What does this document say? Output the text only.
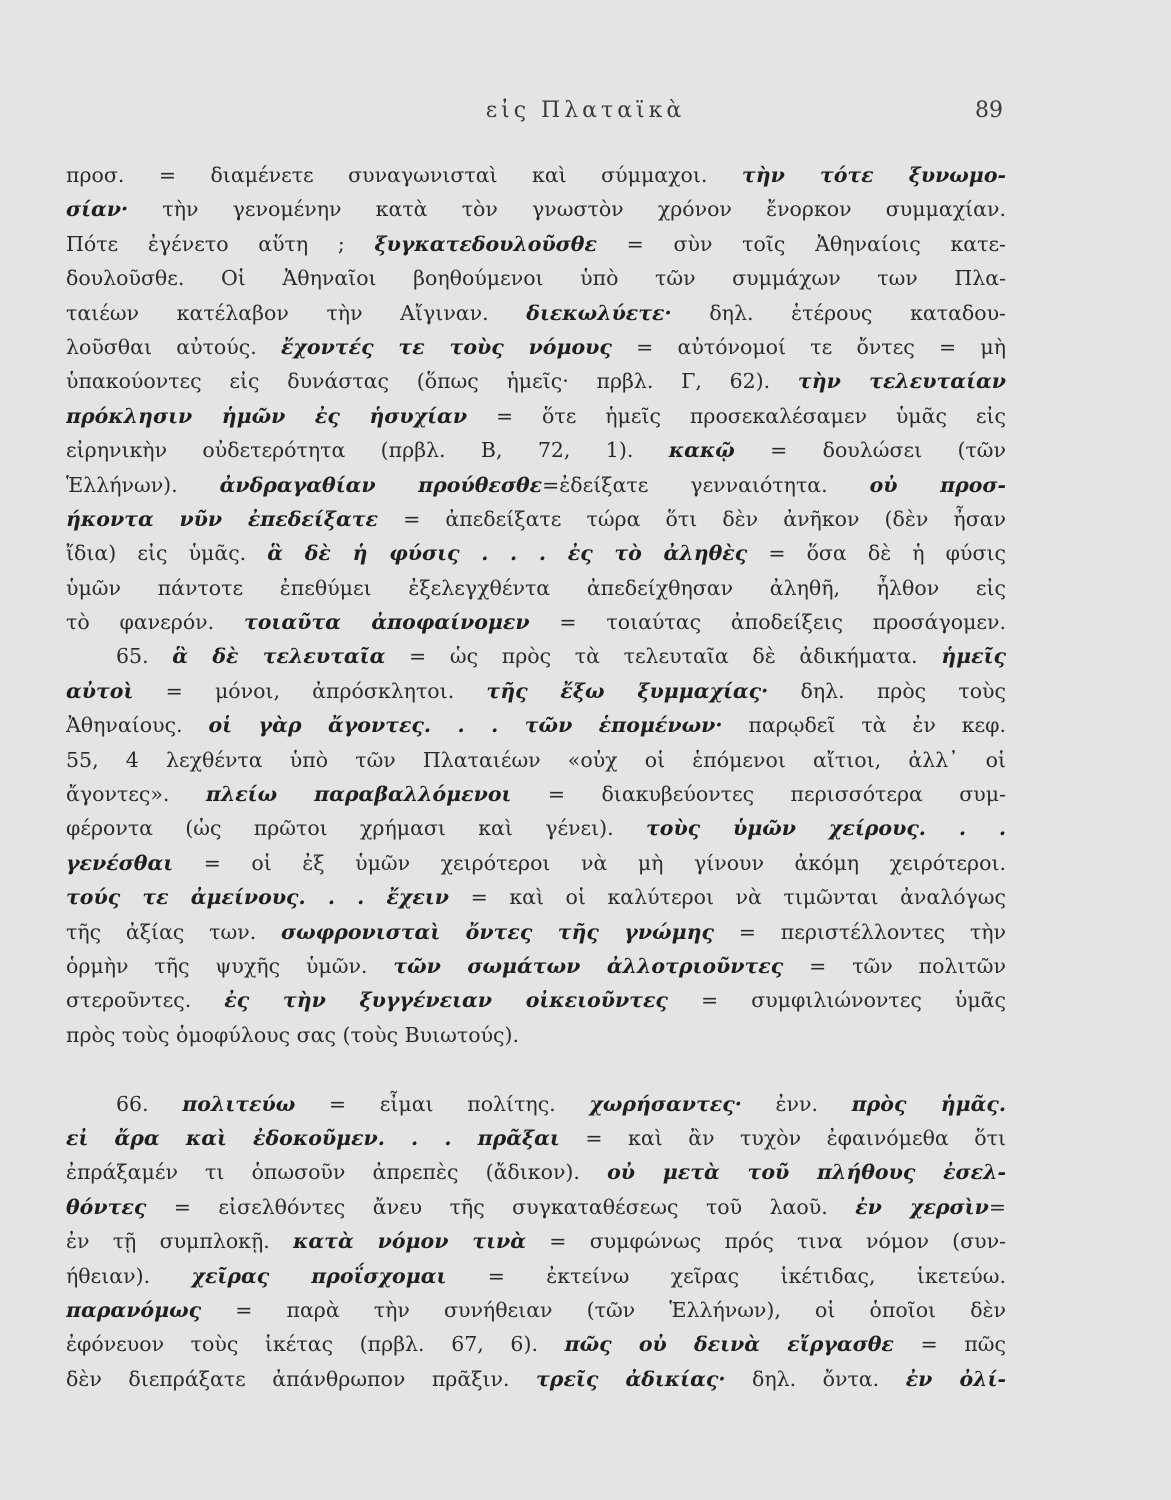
εἰς Πλαταϊκὰ	89
προσ. = διαμένετε συναγωνισταὶ καὶ σύμμαχοι. τὴν τότε ξυνωμο-
σίαν· τὴν γενομένην κατὰ τὸν γνωστὸν χρόνον ἔνορκον συμμαχίαν.
Πότε ἐγένετο αὕτη ; ξυγκατεδουλοῦσθε = σὺν τοῖς Ἀθηναίοις κατε-
δουλοῦσθε. Οἱ Ἀθηναῖοι βοηθούμενοι ὑπὸ τῶν συμμάχων των Πλα-
ταιέων κατέλαβον τὴν Αἴγιναν. διεκωλύετε· δηλ. ἑτέρους καταδου-
λοῦσθαι αὐτούς. ἔχοντές τε τοὺς νόμους = αὐτόνομοί τε ὄντες = μὴ
ὑπακούοντες εἰς δυνάστας (ὅπως ἡμεῖς· πρβλ. Γ, 62). τὴν τελευταίαν
πρόκλησιν ἡμῶν ἐς ἡσυχίαν = ὅτε ἡμεῖς προσεκαλέσαμεν ὑμᾶς εἰς
εἰρηνικὴν οὐδετερότητα (πρβλ. Β, 72, 1). κακῷ = δουλώσει (τῶν
Ἑλλήνων). ἀνδραγαθίαν προύθεσθε=ἐδείξατε γενναιότητα. οὐ προσ-
ήκοντα νῦν ἐπεδείξατε = ἀπεδείξατε τώρα ὅτι δὲν ἀνῆκον (δὲν ἦσαν
ἴδια) εἰς ὑμᾶς. ἃ δὲ ἡ φύσις . . . ἐς τὸ ἀληθὲς = ὅσα δὲ ἡ φύσις
ὑμῶν πάντοτε ἐπεθύμει ἐξελεγχθέντα ἀπεδείχθησαν ἀληθῆ, ἦλθον εἰς
τὸ φανερόν. τοιαῦτα ἀποφαίνομεν = τοιαύτας ἀποδείξεις προσάγομεν.
65. ἃ δὲ τελευταῖα = ὡς πρὸς τὰ τελευταῖα δὲ ἀδικήματα. ἡμεῖς
αὐτοὶ = μόνοι, ἀπρόσκλητοι. τῆς ἔξω ξυμμαχίας· δηλ. πρὸς τοὺς
Ἀθηναίους. οἱ γὰρ ἄγοντες. . . τῶν ἑπομένων· παρῳδεῖ τὰ ἐν κεφ.
55, 4 λεχθέντα ὑπὸ τῶν Πλαταιέων «οὐχ οἱ ἑπόμενοι αἴτιοι, ἀλλ᾽ οἱ
ἄγοντες». πλείω παραβαλλόμενοι = διακυβεύοντες περισσότερα συμ-
φέροντα (ὡς πρῶτοι χρήμασι καὶ γένει). τοὺς ὑμῶν χείρους. . .
γενέσθαι = οἱ ἐξ ὑμῶν χειρότεροι νὰ μὴ γίνουν ἀκόμη χειρότεροι.
τούς τε ἀμείνους. . . ἔχειν = καὶ οἱ καλύτεροι νὰ τιμῶνται ἀναλόγως
τῆς ἀξίας των. σωφρονισταὶ ὄντες τῆς γνώμης = περιστέλλοντες τὴν
ὁρμὴν τῆς ψυχῆς ὑμῶν. τῶν σωμάτων ἀλλοτριοῦντες = τῶν πολιτῶν
στεροῦντες. ἐς τὴν ξυγγένειαν οἰκειοῦντες = συμφιλιώνοντες ὑμᾶς
πρὸς τοὺς ὁμοφύλους σας (τοὺς Βυιωτούς).
66. πολιτεύω = εἶμαι πολίτης. χωρήσαντες· ἐνν. πρὸς ἡμᾶς.
εἰ ἄρα καὶ ἐδοκοῦμεν. . . πρᾶξαι = καὶ ἂν τυχὸν ἐφαινόμεθα ὅτι
ἐπράξαμέν τι ὁπωσοῦν ἀπρεπὲς (ἄδικον). οὐ μετὰ τοῦ πλήθους ἐσελ-
θόντες = εἰσελθόντες ἄνευ τῆς συγκαταθέσεως τοῦ λαοῦ. ἐν χερσὶν=
ἐν τῇ συμπλοκῇ. κατὰ νόμον τινὰ = συμφώνως πρός τινα νόμον (συν-
ήθειαν). χεῖρας προΐσχομαι = ἐκτείνω χεῖρας ἱκέτιδας, ἱκετεύω.
παρανόμως = παρὰ τὴν συνήθειαν (τῶν Ἑλλήνων), οἱ ὁποῖοι δὲν
ἐφόνευον τοὺς ἱκέτας (πρβλ. 67, 6). πῶς οὐ δεινὰ εἴργασθε = πῶς
δὲν διεπράξατε ἀπάνθρωπον πρᾶξιν. τρεῖς ἀδικίας· δηλ. ὄντα. ἐν ὀλί-
